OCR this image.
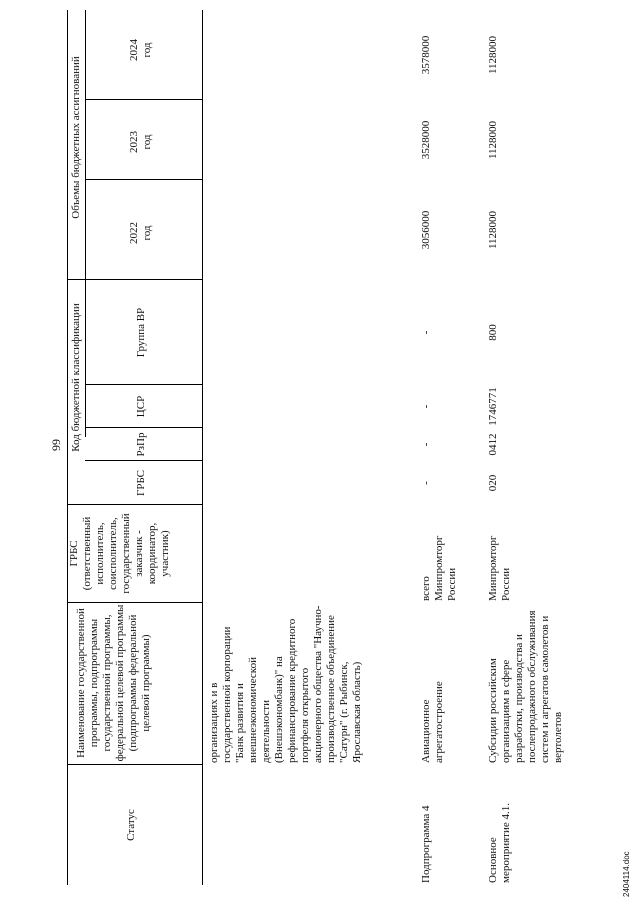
99
Статус
Наименование государственной программы, подпрограммы государственной программы, федеральной целевой программы (подпрограммы федеральной целевой программы)
ГРБС (ответственный исполнитель, соисполнитель, государственный заказчик - координатор, участник)
Код бюджетной классификации
ГРБС
РзПр
ЦСР
Группа ВР
Объемы бюджетных ассигнований
2022 год
2023 год
2024 год
организациях и в государственной корпорации "Банк развития и внешнеэкономической деятельности (Внешэкономбанк)" на рефинансирование кредитного портфеля открытого акционерного общества "Научно-производственное объединение "Сатурн" (г. Рыбинск, Ярославская область)
Подпрограмма 4
Авиационное агрегатостроение
всего Минпромторг России
-
-
-
-
3056000
3528000
3578000
Основное мероприятие 4.1.
Субсидии российским организациям в сфере разработки, производства и послепродажного обслуживания систем и агрегатов самолетов и вертолетов
Минпромторг России
020
0412
1746771
800
1128000
1128000
1128000
2404114.doc
